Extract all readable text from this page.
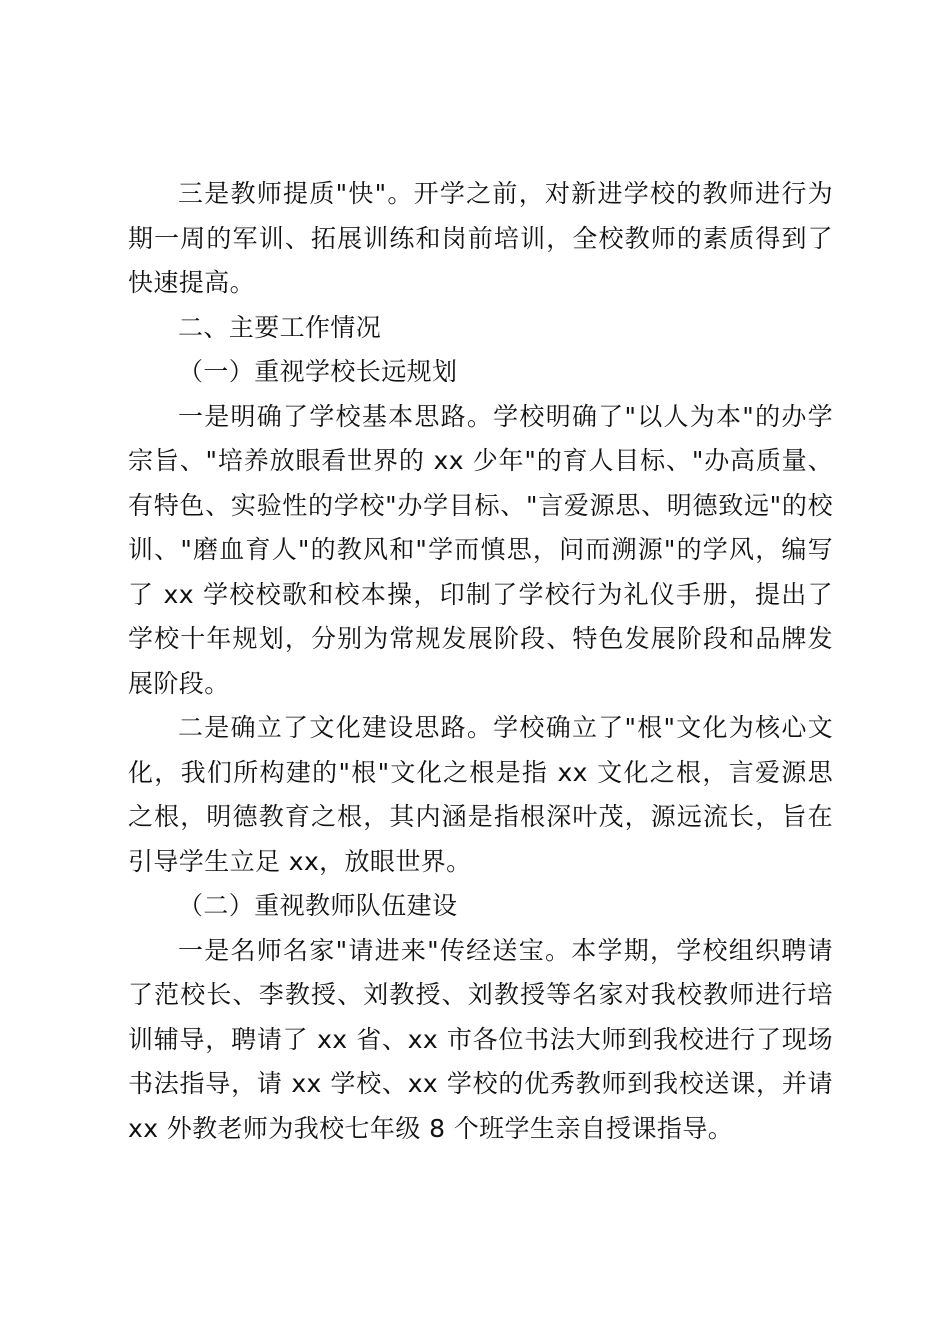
三是教师提质"快"。开学之前，对新进学校的教师进行为期一周的军训、拓展训练和岗前培训，全校教师的素质得到了快速提高。

二、主要工作情况

（一）重视学校长远规划

一是明确了学校基本思路。学校明确了"以人为本"的办学宗旨、"培养放眼看世界的 xx 少年"的育人目标、"办高质量、有特色、实验性的学校"办学目标、"言爱源思、明德致远"的校训、"磨血育人"的教风和"学而慎思，问而溯源"的学风，编写了 xx 学校校歌和校本操，印制了学校行为礼仪手册，提出了学校十年规划，分别为常规发展阶段、特色发展阶段和品牌发展阶段。

二是确立了文化建设思路。学校确立了"根"文化为核心文化，我们所构建的"根"文化之根是指 xx 文化之根，言爱源思之根，明德教育之根，其内涵是指根深叶茂，源远流长，旨在引导学生立足 xx，放眼世界。

（二）重视教师队伍建设

一是名师名家"请进来"传经送宝。本学期，学校组织聘请了范校长、李教授、刘教授、刘教授等名家对我校教师进行培训辅导，聘请了 xx 省、xx 市各位书法大师到我校进行了现场书法指导，请 xx 学校、xx 学校的优秀教师到我校送课，并请 xx 外教老师为我校七年级 8 个班学生亲自授课指导。
